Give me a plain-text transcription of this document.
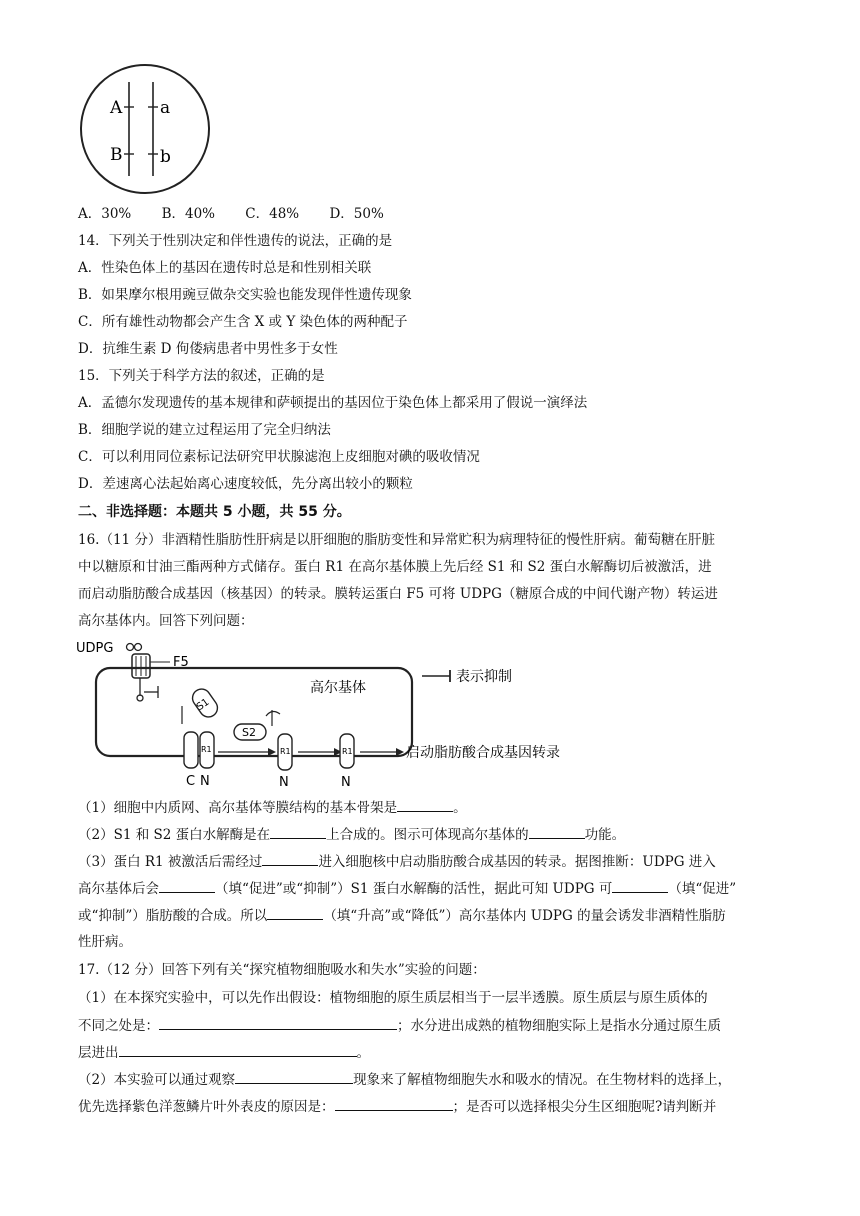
A a
B b
A．30% B．40% C．48% D．50%
14．下列关于性别决定和伴性遗传的说法，正确的是
A．性染色体上的基因在遗传时总是和性别相关联
B．如果摩尔根用豌豆做杂交实验也能发现伴性遗传现象
C．所有雄性动物都会产生含 X 或 Y 染色体的两种配子
D．抗维生素 D 佝偻病患者中男性多于女性
15．下列关于科学方法的叙述，正确的是
A．孟德尔发现遗传的基本规律和萨顿提出的基因位于染色体上都采用了假说一演绎法
B．细胞学说的建立过程运用了完全归纳法
C．可以利用同位素标记法研究甲状腺滤泡上皮细胞对碘的吸收情况
D．差速离心法起始离心速度较低，先分离出较小的颗粒
二、非选择题：本题共 5 小题，共 55 分。
16.（11 分）非酒精性脂肪性肝病是以肝细胞的脂肪变性和异常贮积为病理特征的慢性肝病。葡萄糖在肝脏
中以糖原和甘油三酯两种方式储存。蛋白 R1 在高尔基体膜上先后经 S1 和 S2 蛋白水解酶切后被激活，进
而启动脂肪酸合成基因（核基因）的转录。膜转运蛋白 F5 可将 UDPG（糖原合成的中间代谢产物）转运进
高尔基体内。回答下列问题：
UDPG
F5
高尔基体
表示抑制
S1
R1
C N
S2
R1
N
R1
N
启动脂肪酸合成基因转录
（1）细胞中内质网、高尔基体等膜结构的基本骨架是	。
（2）S1 和 S2 蛋白水解酶是在	上合成的。图示可体现高尔基体的	功能。
（3）蛋白 R1 被激活后需经过	进入细胞核中启动脂肪酸合成基因的转录。据图推断：UDPG 进入
高尔基体后会	（填“促进”或“抑制”）S1 蛋白水解酶的活性，据此可知 UDPG 可	（填“促进”
或“抑制”）脂肪酸的合成。所以	（填“升高”或“降低”）高尔基体内 UDPG 的量会诱发非酒精性脂肪
性肝病。
17.（12 分）回答下列有关“探究植物细胞吸水和失水”实验的问题：
（1）在本探究实验中，可以先作出假设：植物细胞的原生质层相当于一层半透膜。原生质层与原生质体的
不同之处是：	；水分进出成熟的植物细胞实际上是指水分通过原生质
层进出	。
（2）本实验可以通过观察	现象来了解植物细胞失水和吸水的情况。在生物材料的选择上，
优先选择紫色洋葱鳞片叶外表皮的原因是：	；是否可以选择根尖分生区细胞呢?请判断并
